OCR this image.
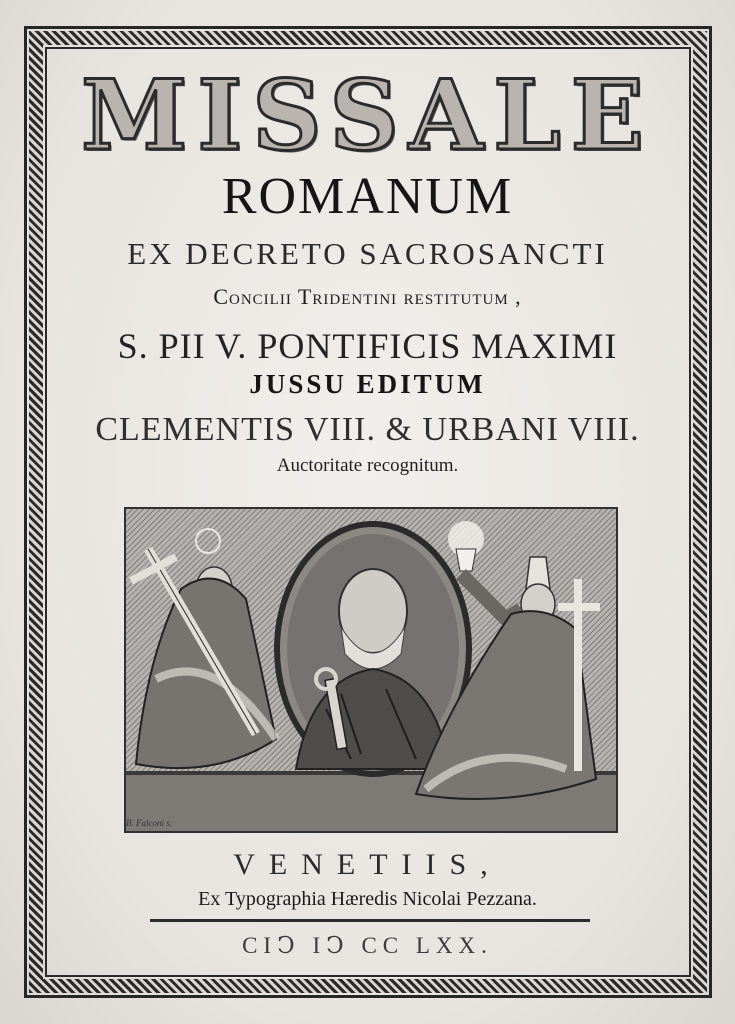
MISSALE
ROMANUM
EX DECRETO SACROSANCTI
Concilii Tridentini restitutum ,
S. PII V. PONTIFICIS MAXIMI
JUSSU EDITUM
CLEMENTIS VIII. & URBANI VIII.
Auctoritate recognitum.
B. Falconi s.
VENETIIS,
Ex Typographia Hæredis Nicolai Pezzana.
CIↃ IↃ CC LXX.
